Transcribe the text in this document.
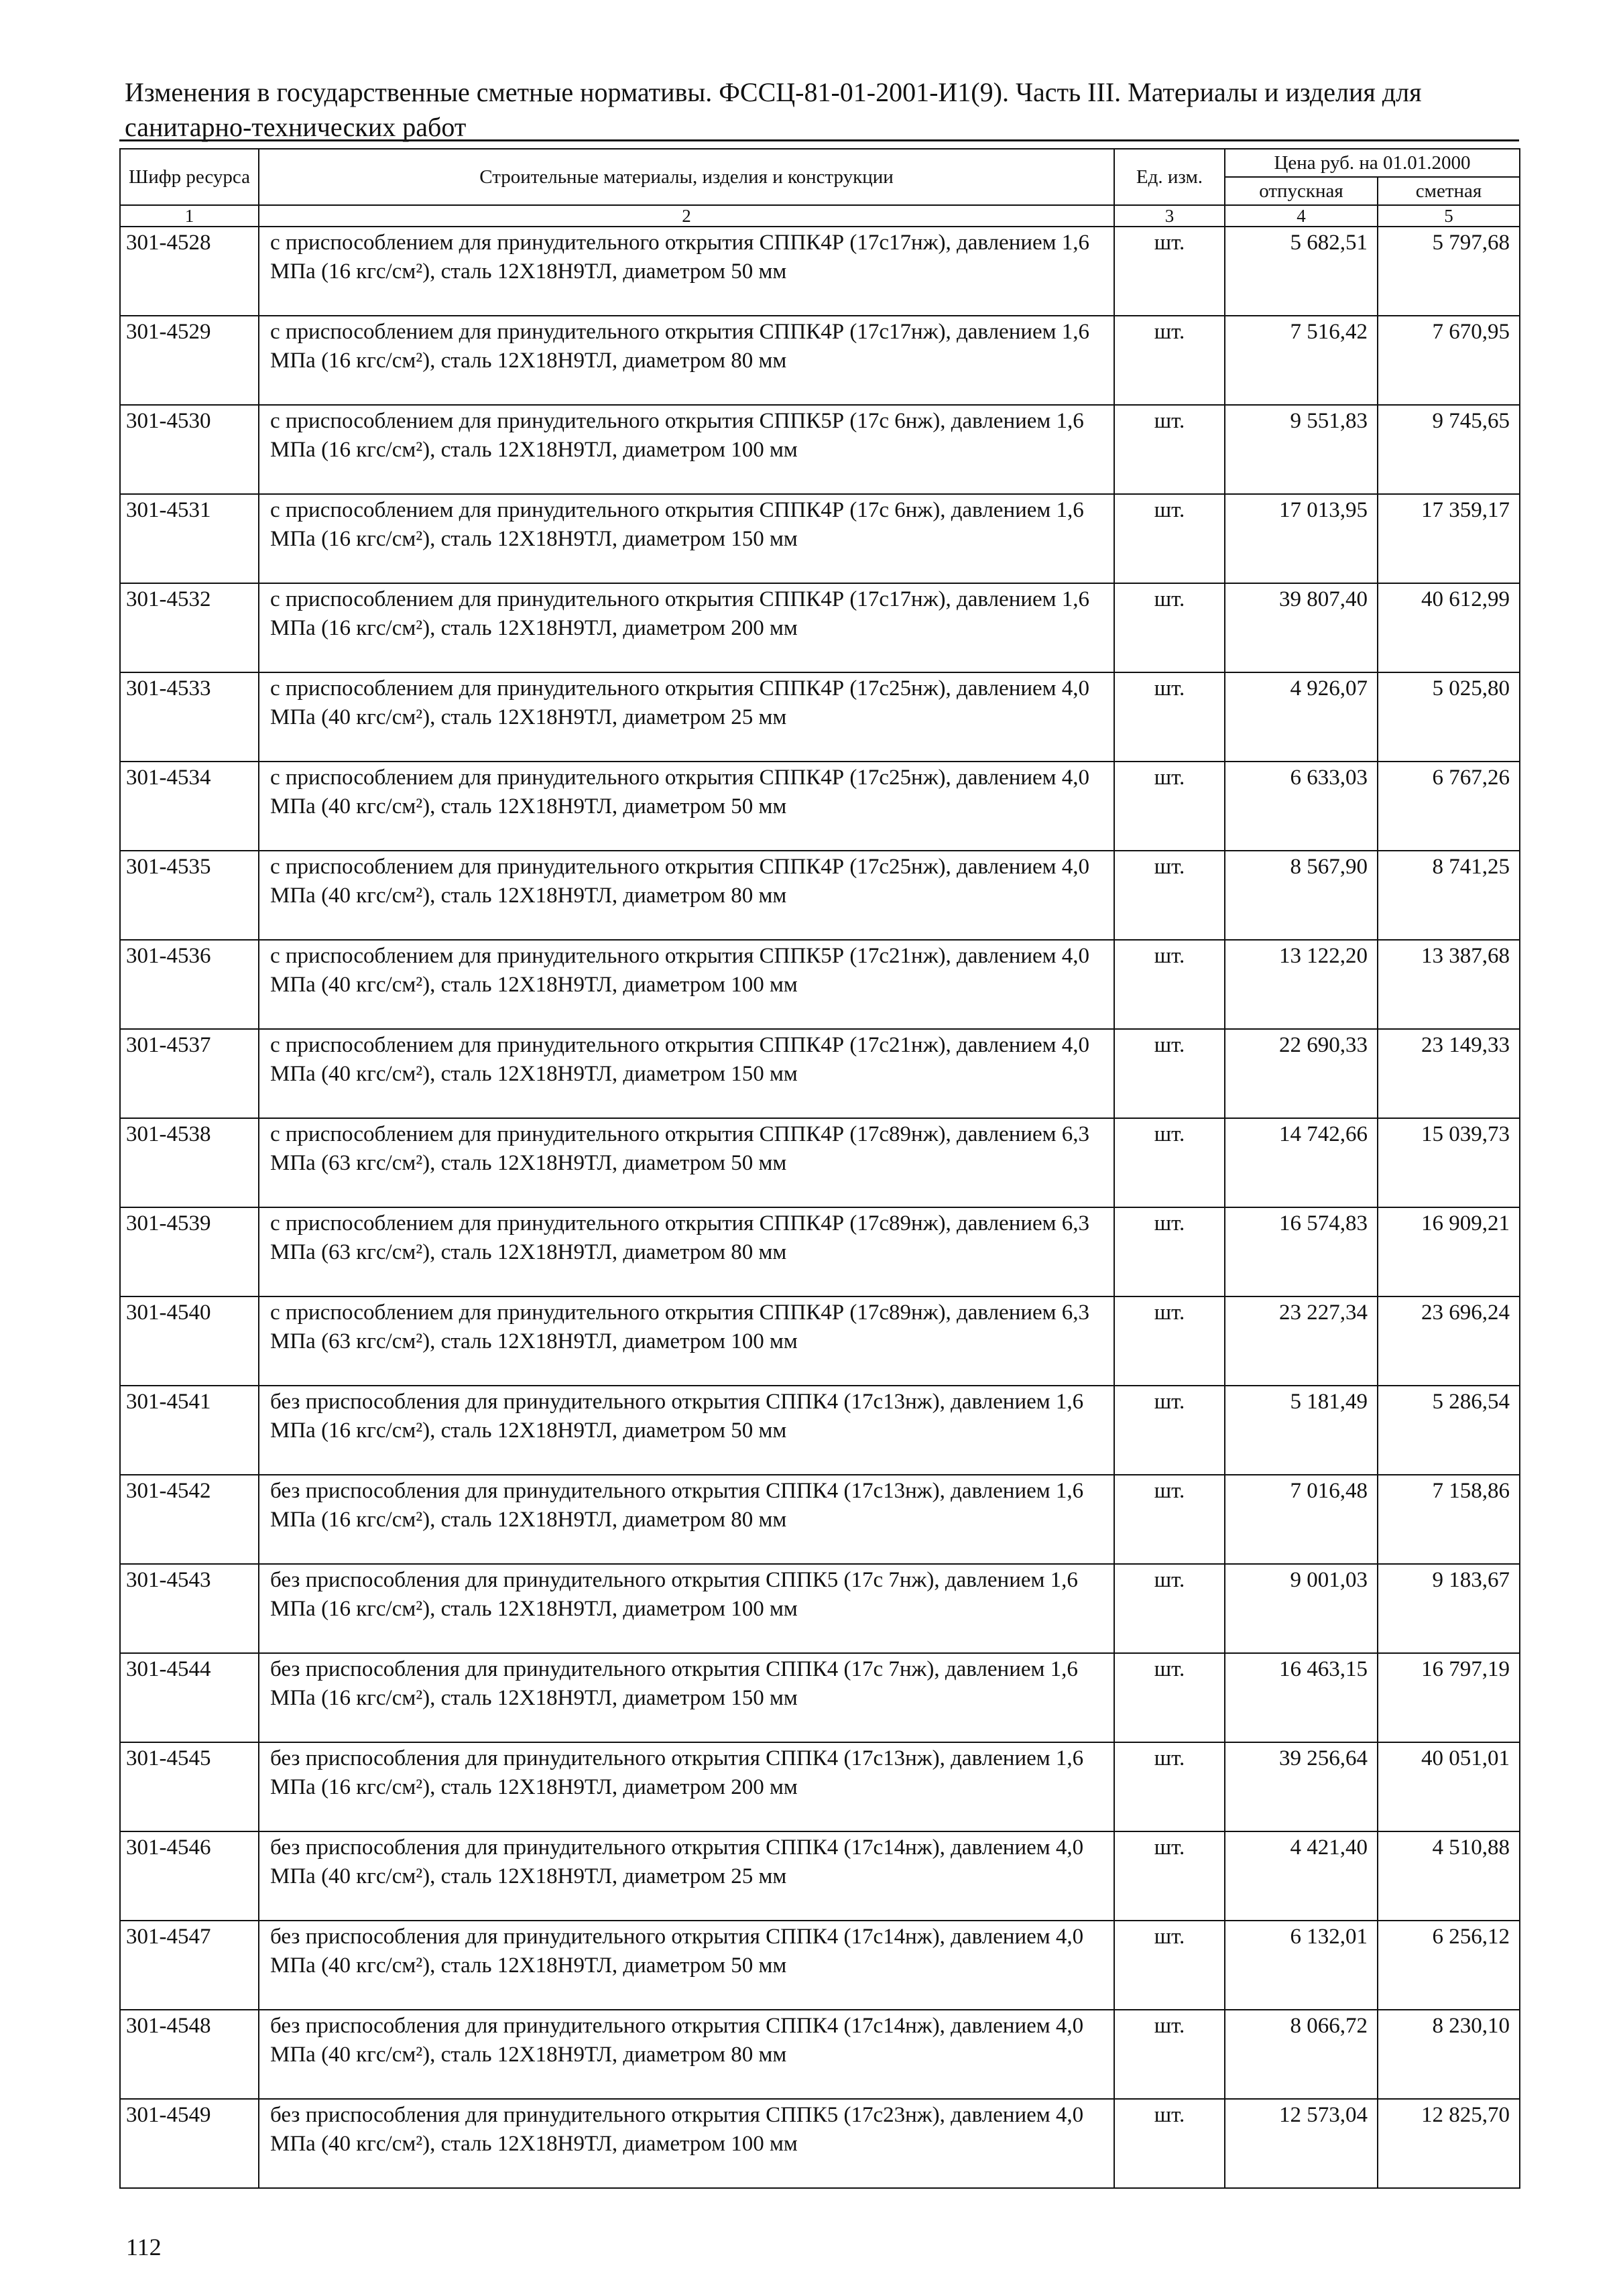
Изменения в государственные сметные нормативы. ФССЦ-81-01-2001-И1(9). Часть III. Материалы и изделия для санитарно-технических работ
Шифр ресурса	Строительные материалы, изделия и конструкции	Ед. изм.	Цена руб. на 01.01.2000	
			отпускная	сметная
1	2	3	4	5
301-4528	с приспособлением для принудительного открытия СППК4Р (17с17нж), давлением 1,6 МПа (16 кгс/см²), сталь 12Х18Н9ТЛ, диаметром 50 мм	шт.	5 682,51	5 797,68
301-4529	с приспособлением для принудительного открытия СППК4Р (17с17нж), давлением 1,6 МПа (16 кгс/см²), сталь 12Х18Н9ТЛ, диаметром 80 мм	шт.	7 516,42	7 670,95
301-4530	с приспособлением для принудительного открытия СППК5Р (17с 6нж), давлением 1,6 МПа (16 кгс/см²), сталь 12Х18Н9ТЛ, диаметром 100 мм	шт.	9 551,83	9 745,65
301-4531	с приспособлением для принудительного открытия СППК4Р (17с 6нж), давлением 1,6 МПа (16 кгс/см²), сталь 12Х18Н9ТЛ, диаметром 150 мм	шт.	17 013,95	17 359,17
301-4532	с приспособлением для принудительного открытия СППК4Р (17с17нж), давлением 1,6 МПа (16 кгс/см²), сталь 12Х18Н9ТЛ, диаметром 200 мм	шт.	39 807,40	40 612,99
301-4533	с приспособлением для принудительного открытия СППК4Р (17с25нж), давлением 4,0 МПа (40 кгс/см²), сталь 12Х18Н9ТЛ, диаметром 25 мм	шт.	4 926,07	5 025,80
301-4534	с приспособлением для принудительного открытия СППК4Р (17с25нж), давлением 4,0 МПа (40 кгс/см²), сталь 12Х18Н9ТЛ, диаметром 50 мм	шт.	6 633,03	6 767,26
301-4535	с приспособлением для принудительного открытия СППК4Р (17с25нж), давлением 4,0 МПа (40 кгс/см²), сталь 12Х18Н9ТЛ, диаметром 80 мм	шт.	8 567,90	8 741,25
301-4536	с приспособлением для принудительного открытия СППК5Р (17с21нж), давлением 4,0 МПа (40 кгс/см²), сталь 12Х18Н9ТЛ, диаметром 100 мм	шт.	13 122,20	13 387,68
301-4537	с приспособлением для принудительного открытия СППК4Р (17с21нж), давлением 4,0 МПа (40 кгс/см²), сталь 12Х18Н9ТЛ, диаметром 150 мм	шт.	22 690,33	23 149,33
301-4538	с приспособлением для принудительного открытия СППК4Р (17с89нж), давлением 6,3 МПа (63 кгс/см²), сталь 12Х18Н9ТЛ, диаметром 50 мм	шт.	14 742,66	15 039,73
301-4539	с приспособлением для принудительного открытия СППК4Р (17с89нж), давлением 6,3 МПа (63 кгс/см²), сталь 12Х18Н9ТЛ, диаметром 80 мм	шт.	16 574,83	16 909,21
301-4540	с приспособлением для принудительного открытия СППК4Р (17с89нж), давлением 6,3 МПа (63 кгс/см²), сталь 12Х18Н9ТЛ, диаметром 100 мм	шт.	23 227,34	23 696,24
301-4541	без приспособления для принудительного открытия СППК4 (17с13нж), давлением 1,6 МПа (16 кгс/см²), сталь 12Х18Н9ТЛ, диаметром 50 мм	шт.	5 181,49	5 286,54
301-4542	без приспособления для принудительного открытия СППК4 (17с13нж), давлением 1,6 МПа (16 кгс/см²), сталь 12Х18Н9ТЛ, диаметром 80 мм	шт.	7 016,48	7 158,86
301-4543	без приспособления для принудительного открытия СППК5 (17с 7нж), давлением 1,6 МПа (16 кгс/см²), сталь 12Х18Н9ТЛ, диаметром 100 мм	шт.	9 001,03	9 183,67
301-4544	без приспособления для принудительного открытия СППК4 (17с 7нж), давлением 1,6 МПа (16 кгс/см²), сталь 12Х18Н9ТЛ, диаметром 150 мм	шт.	16 463,15	16 797,19
301-4545	без приспособления для принудительного открытия СППК4 (17с13нж), давлением 1,6 МПа (16 кгс/см²), сталь 12Х18Н9ТЛ, диаметром 200 мм	шт.	39 256,64	40 051,01
301-4546	без приспособления для принудительного открытия СППК4 (17с14нж), давлением 4,0 МПа (40 кгс/см²), сталь 12Х18Н9ТЛ, диаметром 25 мм	шт.	4 421,40	4 510,88
301-4547	без приспособления для принудительного открытия СППК4 (17с14нж), давлением 4,0 МПа (40 кгс/см²), сталь 12Х18Н9ТЛ, диаметром 50 мм	шт.	6 132,01	6 256,12
301-4548	без приспособления для принудительного открытия СППК4 (17с14нж), давлением 4,0 МПа (40 кгс/см²), сталь 12Х18Н9ТЛ, диаметром 80 мм	шт.	8 066,72	8 230,10
301-4549	без приспособления для принудительного открытия СППК5 (17с23нж), давлением 4,0 МПа (40 кгс/см²), сталь 12Х18Н9ТЛ, диаметром 100 мм	шт.	12 573,04	12 825,70
112
